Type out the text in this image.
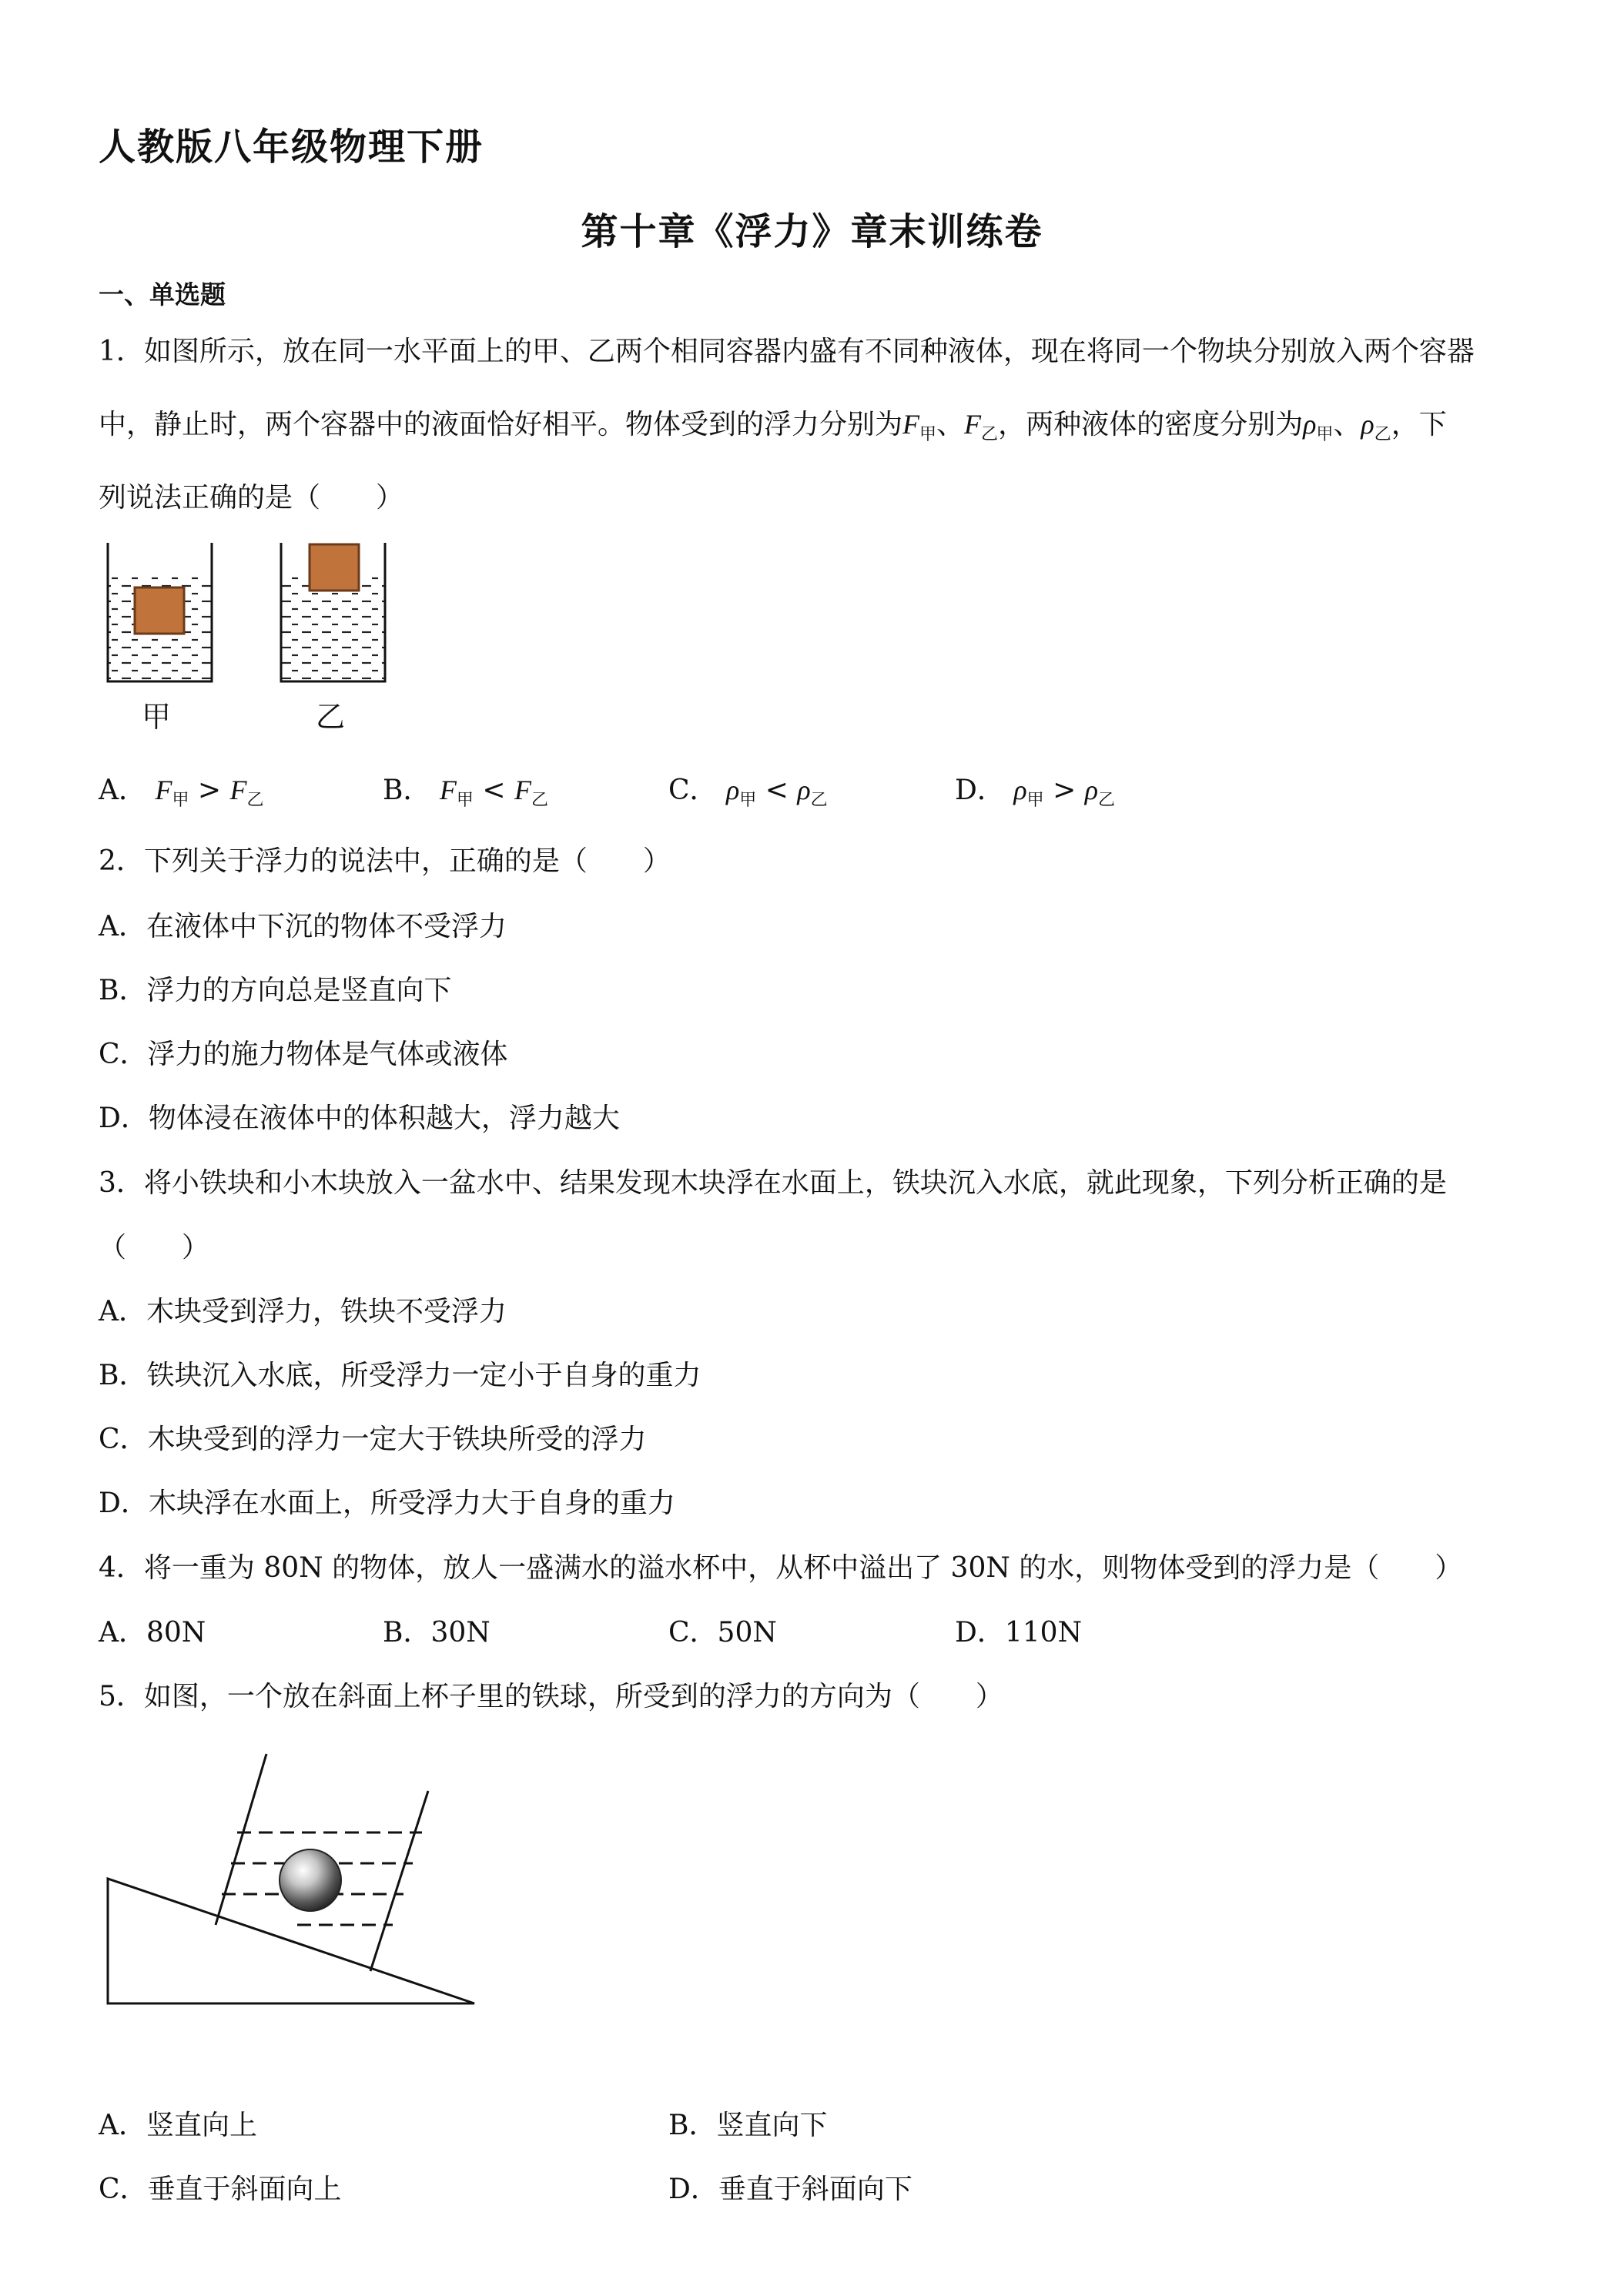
人教版八年级物理下册
第十章《浮力》章末训练卷
一、单选题
1．如图所示，放在同一水平面上的甲、乙两个相同容器内盛有不同种液体，现在将同一个物块分别放入两个容器
中，静止时，两个容器中的液面恰好相平。物体受到的浮力分别为$F_甲$、$F_乙$，两种液体的密度分别为$\rho_甲$、$\rho_乙$，下
列说法正确的是（　　）
甲	乙
A． $F_甲 > F_乙$	B． $F_甲 < F_乙$	C． $\rho_甲 < \rho_乙$	D． $\rho_甲 > \rho_乙$
2．下列关于浮力的说法中，正确的是（　　）
A．在液体中下沉的物体不受浮力
B．浮力的方向总是竖直向下
C．浮力的施力物体是气体或液体
D．物体浸在液体中的体积越大，浮力越大
3．将小铁块和小木块放入一盆水中、结果发现木块浮在水面上，铁块沉入水底，就此现象，下列分析正确的是
（　　）
A．木块受到浮力，铁块不受浮力
B．铁块沉入水底，所受浮力一定小于自身的重力
C．木块受到的浮力一定大于铁块所受的浮力
D．木块浮在水面上，所受浮力大于自身的重力
4．将一重为 80N 的物体，放人一盛满水的溢水杯中，从杯中溢出了 30N 的水，则物体受到的浮力是（　　）
A．80N	B．30N	C．50N	D．110N
5．如图，一个放在斜面上杯子里的铁球，所受到的浮力的方向为（　　）
A．竖直向上	B．竖直向下
C．垂直于斜面向上	D．垂直于斜面向下
